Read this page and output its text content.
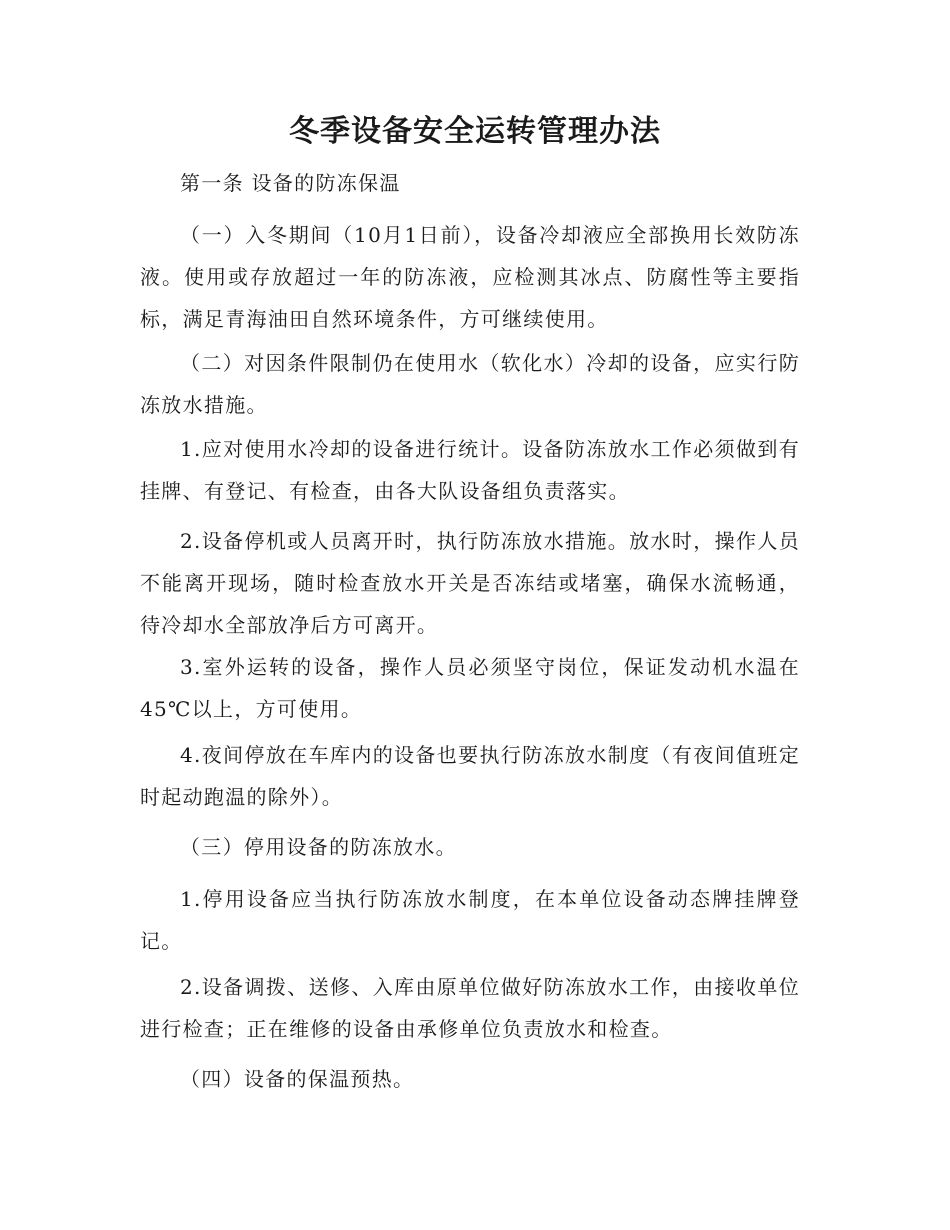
冬季设备安全运转管理办法

第一条 设备的防冻保温

（一）入冬期间（10月1日前），设备冷却液应全部换用长效防冻液。使用或存放超过一年的防冻液，应检测其冰点、防腐性等主要指标，满足青海油田自然环境条件，方可继续使用。

（二）对因条件限制仍在使用水（软化水）冷却的设备，应实行防冻放水措施。

1.应对使用水冷却的设备进行统计。设备防冻放水工作必须做到有挂牌、有登记、有检查，由各大队设备组负责落实。

2.设备停机或人员离开时，执行防冻放水措施。放水时，操作人员不能离开现场，随时检查放水开关是否冻结或堵塞，确保水流畅通，待冷却水全部放净后方可离开。

3.室外运转的设备，操作人员必须坚守岗位，保证发动机水温在45℃以上，方可使用。

4.夜间停放在车库内的设备也要执行防冻放水制度（有夜间值班定时起动跑温的除外）。

（三）停用设备的防冻放水。

1.停用设备应当执行防冻放水制度，在本单位设备动态牌挂牌登记。

2.设备调拨、送修、入库由原单位做好防冻放水工作，由接收单位进行检查；正在维修的设备由承修单位负责放水和检查。

（四）设备的保温预热。
